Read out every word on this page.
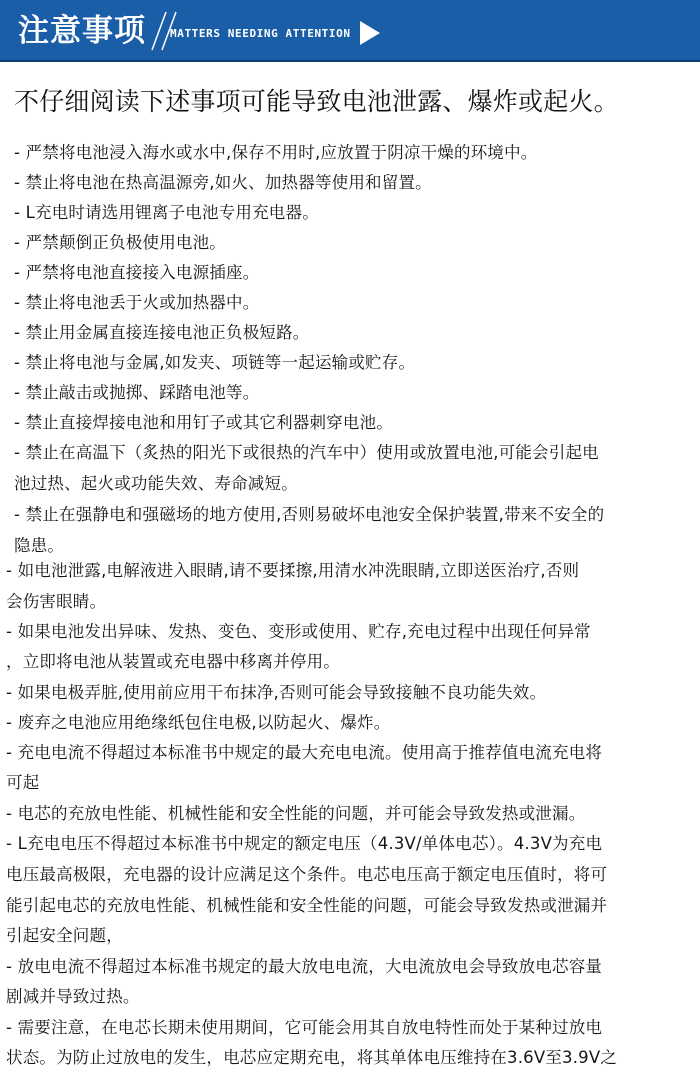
注意事项 MATTERS NEEDING ATTENTION
不仔细阅读下述事项可能导致电池泄露、爆炸或起火。
- 严禁将电池浸入海水或水中,保存不用时,应放置于阴凉干燥的环境中。
- 禁止将电池在热高温源旁,如火、加热器等使用和留置。
- L充电时请选用锂离子电池专用充电器。
- 严禁颠倒正负极使用电池。
- 严禁将电池直接接入电源插座。
- 禁止将电池丢于火或加热器中。
- 禁止用金属直接连接电池正负极短路。
- 禁止将电池与金属,如发夹、项链等一起运输或贮存。
- 禁止敲击或抛掷、踩踏电池等。
- 禁止直接焊接电池和用钉子或其它利器刺穿电池。
- 禁止在高温下（炙热的阳光下或很热的汽车中）使用或放置电池,可能会引起电
池过热、起火或功能失效、寿命减短。
- 禁止在强静电和强磁场的地方使用,否则易破坏电池安全保护装置,带来不安全的
隐患。
- 如电池泄露,电解液进入眼睛,请不要揉擦,用清水冲洗眼睛,立即送医治疗,否则
会伤害眼睛。
- 如果电池发出异味、发热、变色、变形或使用、贮存,充电过程中出现任何异常
，立即将电池从装置或充电器中移离并停用。
- 如果电极弄脏,使用前应用干布抹净,否则可能会导致接触不良功能失效。
- 废弃之电池应用绝缘纸包住电极,以防起火、爆炸。
- 充电电流不得超过本标准书中规定的最大充电电流。使用高于推荐值电流充电将
可起
- 电芯的充放电性能、机械性能和安全性能的问题，并可能会导致发热或泄漏。
- L充电电压不得超过本标准书中规定的额定电压（4.3V/单体电芯）。4.3V为充电
电压最高极限，充电器的设计应满足这个条件。电芯电压高于额定电压值时，将可
能引起电芯的充放电性能、机械性能和安全性能的问题，可能会导致发热或泄漏并
引起安全问题，
- 放电电流不得超过本标准书规定的最大放电电流，大电流放电会导致放电芯容量
剧减并导致过热。
- 需要注意，在电芯长期未使用期间，它可能会用其自放电特性而处于某种过放电
状态。为防止过放电的发生，电芯应定期充电，将其单体电压维持在3.6V至3.9V之
